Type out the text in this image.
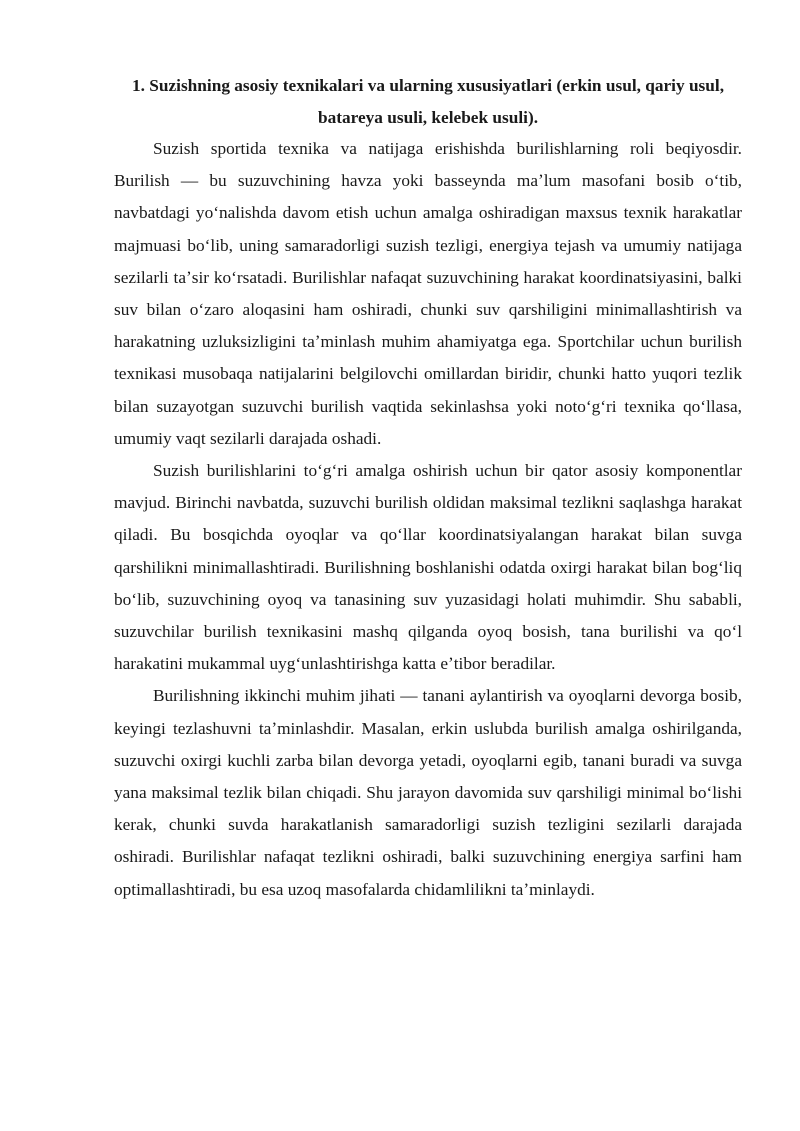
1. Suzishning asosiy texnikalari va ularning xususiyatlari (erkin usul, qariy usul, batareya usuli, kelebek usuli).

Suzish sportida texnika va natijaga erishishda burilishlarning roli beqiyosdir. Burilish — bu suzuvchining havza yoki basseynda maʼlum masofani bosib oʻtib, navbatdagi yoʻnalishda davom etish uchun amalga oshiradigan maxsus texnik harakatlar majmuasi boʻlib, uning samaradorligi suzish tezligi, energiya tejash va umumiy natijaga sezilarli taʼsir koʻrsatadi. Burilishlar nafaqat suzuvchining harakat koordinatsiyasini, balki suv bilan oʻzaro aloqasini ham oshiradi, chunki suv qarshiligini minimallashtirish va harakatning uzluksizligini taʼminlash muhim ahamiyatga ega. Sportchilar uchun burilish texnikasi musobaqa natijalarini belgilovchi omillardan biridir, chunki hatto yuqori tezlik bilan suzayotgan suzuvchi burilish vaqtida sekinlashsa yoki notoʻgʻri texnika qoʻllasa, umumiy vaqt sezilarli darajada oshadi.

Suzish burilishlarini toʻgʻri amalga oshirish uchun bir qator asosiy komponentlar mavjud. Birinchi navbatda, suzuvchi burilish oldidan maksimal tezlikni saqlashga harakat qiladi. Bu bosqichda oyoqlar va qoʻllar koordinatsiyalangan harakat bilan suvga qarshilikni minimallashtiradi. Burilishning boshlanishi odatda oxirgi harakat bilan bogʻliq boʻlib, suzuvchining oyoq va tanasining suv yuzasidagi holati muhimdir. Shu sababli, suzuvchilar burilish texnikasini mashq qilganda oyoq bosish, tana burilishi va qoʻl harakatini mukammal uygʻunlashtirishga katta eʼtibor beradilar.

Burilishning ikkinchi muhim jihati — tanani aylantirish va oyoqlarni devorga bosib, keyingi tezlashuvni taʼminlashdir. Masalan, erkin uslubda burilish amalga oshirilganda, suzuvchi oxirgi kuchli zarba bilan devorga yetadi, oyoqlarni egib, tanani buradi va suvga yana maksimal tezlik bilan chiqadi. Shu jarayon davomida suv qarshiligi minimal boʻlishi kerak, chunki suvda harakatlanish samaradorligi suzish tezligini sezilarli darajada oshiradi. Burilishlar nafaqat tezlikni oshiradi, balki suzuvchining energiya sarfini ham optimallashtiradi, bu esa uzoq masofalarda chidamlilikni taʼminlaydi.
